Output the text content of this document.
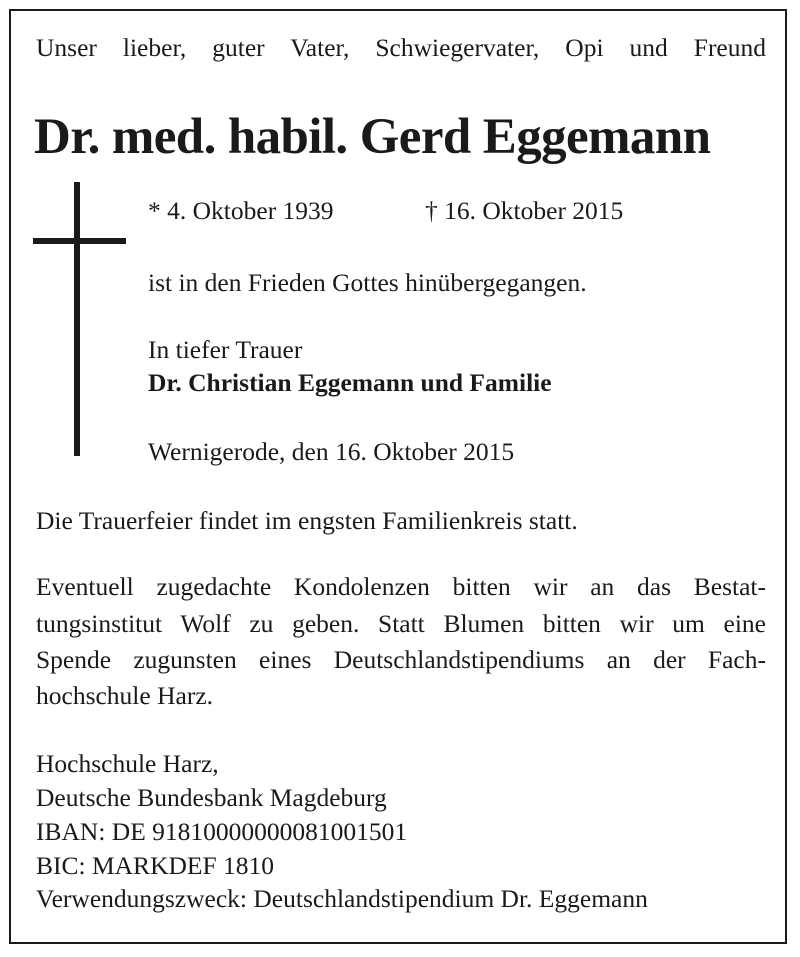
Unser lieber, guter Vater, Schwiegervater, Opi und Freund
Dr. med. habil. Gerd Eggemann
* 4. Oktober 1939	† 16. Oktober 2015
ist in den Frieden Gottes hinübergegangen.
In tiefer Trauer
Dr. Christian Eggemann und Familie
Wernigerode, den 16. Oktober 2015
Die Trauerfeier findet im engsten Familienkreis statt.
Eventuell zugedachte Kondolenzen bitten wir an das Bestat-
tungsinstitut Wolf zu geben. Statt Blumen bitten wir um eine
Spende zugunsten eines Deutschlandstipendiums an der Fach-
hochschule Harz.
Hochschule Harz,
Deutsche Bundesbank Magdeburg
IBAN: DE 91810000000081001501
BIC: MARKDEF 1810
Verwendungszweck: Deutschlandstipendium Dr. Eggemann
